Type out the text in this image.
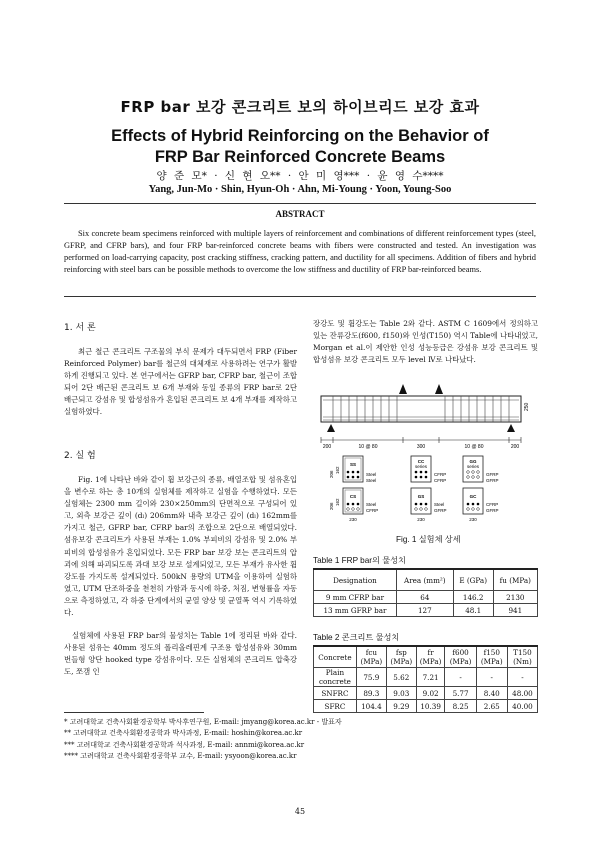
FRP bar 보강 콘크리트 보의 하이브리드 보강 효과
Effects of Hybrid Reinforcing on the Behavior of
FRP Bar Reinforced Concrete Beams
양 준 모* · 신 현 오** · 안 미 영*** · 윤 영 수****
Yang, Jun-Mo · Shin, Hyun-Oh · Ahn, Mi-Young · Yoon, Young-Soo
ABSTRACT
Six concrete beam specimens reinforced with multiple layers of reinforcement and combinations of different reinforcement types (steel, GFRP, and CFRP bars), and four FRP bar-reinforced concrete beams with fibers were constructed and tested. An investigation was performed on load-carrying capacity, post cracking stiffness, cracking pattern, and ductility for all specimens. Addition of fibers and hybrid reinforcing with steel bars can be possible methods to overcome the low stiffness and ductility of FRP bar-reinforced beams.
1. 서 론
최근 철근 콘크리트 구조물의 부식 문제가 대두되면서 FRP (Fiber Reinforced Polymer) bar를 철근의 대체재로 사용하려는 연구가 활발하게 진행되고 있다. 본 연구에서는 GFRP bar, CFRP bar, 철근이 조합되어 2단 배근된 콘크리트 보 6개 부재와 동일 종류의 FRP bar로 2단 배근되고 강섬유 및 합성섬유가 혼입된 콘크리트 보 4개 부재를 제작하고 실험하였다.
2. 실 험
Fig. 1에 나타난 바와 같이 휨 보강근의 종류, 배열조합 및 섬유혼입을 변수로 하는 총 10개의 실험체를 제작하고 실험을 수행하였다. 모든 실험체는 2300 mm 길이와 230×250mm의 단면적으로 구성되어 있고, 외측 보강근 깊이 (dₗ) 206mm와 내측 보강근 깊이 (dₗ) 162mm를 가지고 철근, GFRP bar, CFRP bar의 조합으로 2단으로 배열되었다. 섬유보강 콘크리트가 사용된 부재는 1.0% 부피비의 강섬유 및 2.0% 부피비의 합성섬유가 혼입되었다. 모든 FRP bar 보강 보는 콘크리트의 압괴에 의해 파괴되도록 과대 보강 보로 설계되었고, 모든 부재가 유사한 휨 강도를 가지도록 설계되었다. 500kN 용량의 UTM을 이용하여 실험하였고, UTM 단조하중을 천천히 가함과 동시에 하중, 처짐, 변형률을 자동으로 측정하였고, 각 하중 단계에서의 균열 양상 및 균열폭 역시 기록하였다.
실험체에 사용된 FRP bar의 물성치는 Table 1에 정리된 바와 같다. 사용된 섬유는 40mm 정도의 폴리올레핀계 구조용 합성섬유와 30mm 번들형 양단 hooked type 강섬유이다. 모든 실험체의 콘크리트 압축강도, 쪼갬 인
장강도 및 휨강도는 Table 2와 같다. ASTM C 1609에서 정의하고 있는 잔류강도(f600, f150)와 인성(T150) 역시 Table에 나타내었고, Morgan et al.이 제안한 인성 성능등급은 강섬유 보강 콘크리트 및 합성섬유 보강 콘크리트 모두 level Ⅳ로 나타났다.
200	10 @ 80	300	10 @ 80	200
250
SS
Steel
Steel
206
162
CS
Steel
CFRP
206
162
230
CC
series
CFRP
CFRP
GG
series
GFRP
GFRP
GS
Steel
GFRP
230
GC
CFRP
GFRP
230
Fig. 1 실험체 상세
Table 1 FRP bar의 물성치
Designation	Area (mm²)	E (GPa)	fu (MPa)
9 mm CFRP bar	64	146.2	2130
13 mm GFRP bar	127	48.1	941
Table 2 콘크리트 물성치
Concrete	fcu (MPa)	fsp (MPa)	fr (MPa)	f600 (MPa)	f150 (MPa)	T150 (Nm)
Plain concrete	75.9	5.62	7.21	-	-	-
SNFRC	89.3	9.03	9.02	5.77	8.40	48.00
SFRC	104.4	9.29	10.39	8.25	2.65	40.00
* 고려대학교 건축사회환경공학부 박사후연구원, E-mail: jmyang@korea.ac.kr - 발표자
** 고려대학교 건축사회환경공학과 박사과정, E-mail: hoshin@korea.ac.kr
*** 고려대학교 건축사회환경공학과 석사과정, E-mail: annmi@korea.ac.kr
**** 고려대학교 건축사회환경공학부 교수, E-mail: ysyoon@korea.ac.kr
45
